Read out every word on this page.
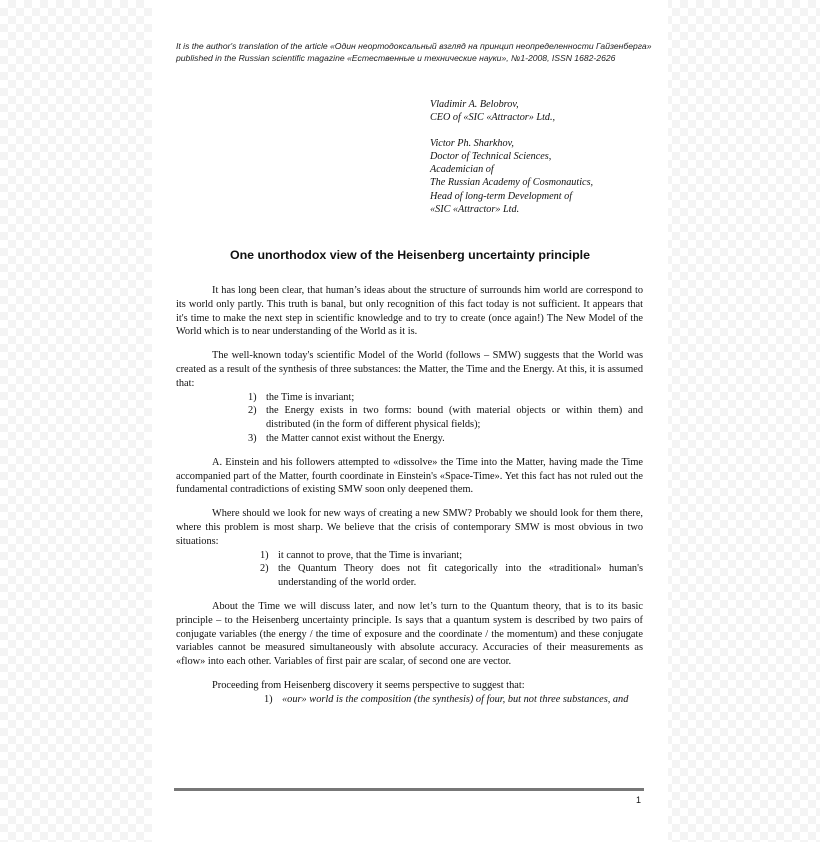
It is the author's translation of the article «Один неортодоксальный взгляд на принцип неопределенности Гайзенберга» published in the Russian scientific magazine «Естественные и технические науки», №1-2008, ISSN 1682-2626
Vladimir A. Belobrov,
CEO of «SIC «Attractor» Ltd.,
Victor Ph. Sharkhov,
Doctor of Technical Sciences,
Academician of
The Russian Academy of Cosmonautics,
Head of long-term Development of
«SIC «Attractor» Ltd.
One unorthodox view of the Heisenberg uncertainty principle

It has long been clear, that human’s ideas about the structure of surrounds him world are correspond to its world only partly. This truth is banal, but only recognition of this fact today is not sufficient. It appears that it's time to make the next step in scientific knowledge and to try to create (once again!) The New Model of the World which is to near understanding of the World as it is.

The well-known today's scientific Model of the World (follows – SMW) suggests that the World was created as a result of the synthesis of three substances: the Matter, the Time and the Energy. At this, it is assumed that:

1) the Time is invariant;
2) the Energy exists in two forms: bound (with material objects or within them) and distributed (in the form of different physical fields);
3) the Matter cannot exist without the Energy.

A. Einstein and his followers attempted to «dissolve» the Time into the Matter, having made the Time accompanied part of the Matter, fourth coordinate in Einstein's «Space-Time». Yet this fact has not ruled out the fundamental contradictions of existing SMW soon only deepened them.

Where should we look for new ways of creating a new SMW? Probably we should look for them there, where this problem is most sharp. We believe that the crisis of contemporary SMW is most obvious in two situations:

1) it cannot to prove, that the Time is invariant;
2) the Quantum Theory does not fit categorically into the «traditional» human's understanding of the world order.

About the Time we will discuss later, and now let’s turn to the Quantum theory, that is to its basic principle – to the Heisenberg uncertainty principle. Is says that a quantum system is described by two pairs of conjugate variables (the energy / the time of exposure and the coordinate / the momentum) and these conjugate variables cannot be measured simultaneously with absolute accuracy. Accuracies of their measurements as «flow» into each other. Variables of first pair are scalar, of second one are vector.

Proceeding from Heisenberg discovery it seems perspective to suggest that:

1) «our» world is the composition (the synthesis) of four, but not three substances, and
1
